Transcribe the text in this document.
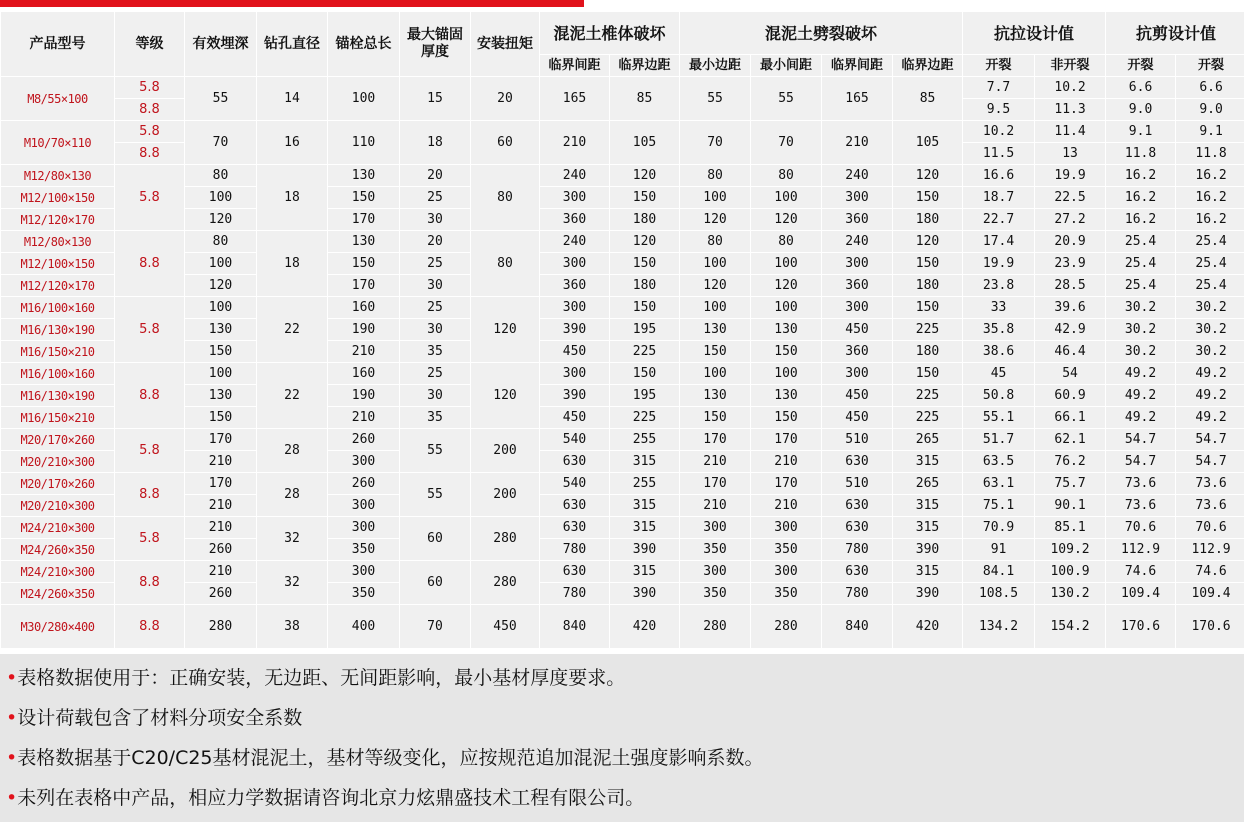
产品型号	等级	有效埋深	钻孔直径	锚栓总长	最大锚固厚度	安装扭矩	混泥土椎体破坏		混泥土劈裂破坏				抗拉设计值		抗剪设计值	
							临界间距	临界边距	最小边距	最小间距	临界间距	临界边距	开裂	非开裂	开裂	开裂
M8/55×100	5.8	55	14	100	15	20	165	85	55	55	165	85	7.7	10.2	6.6	6.6
	8.8												9.5	11.3	9.0	9.0
M10/70×110	5.8	70	16	110	18	60	210	105	70	70	210	105	10.2	11.4	9.1	9.1
	8.8												11.5	13	11.8	11.8
M12/80×130	5.8	80	18	130	20	80	240	120	80	80	240	120	16.6	19.9	16.2	16.2
M12/100×150		100		150	25		300	150	100	100	300	150	18.7	22.5	16.2	16.2
M12/120×170		120		170	30		360	180	120	120	360	180	22.7	27.2	16.2	16.2
M12/80×130	8.8	80	18	130	20	80	240	120	80	80	240	120	17.4	20.9	25.4	25.4
M12/100×150		100		150	25		300	150	100	100	300	150	19.9	23.9	25.4	25.4
M12/120×170		120		170	30		360	180	120	120	360	180	23.8	28.5	25.4	25.4
M16/100×160	5.8	100	22	160	25	120	300	150	100	100	300	150	33	39.6	30.2	30.2
M16/130×190		130		190	30		390	195	130	130	450	225	35.8	42.9	30.2	30.2
M16/150×210		150		210	35		450	225	150	150	360	180	38.6	46.4	30.2	30.2
M16/100×160	8.8	100	22	160	25	120	300	150	100	100	300	150	45	54	49.2	49.2
M16/130×190		130		190	30		390	195	130	130	450	225	50.8	60.9	49.2	49.2
M16/150×210		150		210	35		450	225	150	150	450	225	55.1	66.1	49.2	49.2
M20/170×260	5.8	170	28	260	55	200	540	255	170	170	510	265	51.7	62.1	54.7	54.7
M20/210×300		210		300			630	315	210	210	630	315	63.5	76.2	54.7	54.7
M20/170×260	8.8	170	28	260	55	200	540	255	170	170	510	265	63.1	75.7	73.6	73.6
M20/210×300		210		300			630	315	210	210	630	315	75.1	90.1	73.6	73.6
M24/210×300	5.8	210	32	300	60	280	630	315	300	300	630	315	70.9	85.1	70.6	70.6
M24/260×350		260		350			780	390	350	350	780	390	91	109.2	112.9	112.9
M24/210×300	8.8	210	32	300	60	280	630	315	300	300	630	315	84.1	100.9	74.6	74.6
M24/260×350		260		350			780	390	350	350	780	390	108.5	130.2	109.4	109.4
M30/280×400	8.8	280	38	400	70	450	840	420	280	280	840	420	134.2	154.2	170.6	170.6
•表格数据使用于：正确安装，无边距、无间距影响，最小基材厚度要求。
•设计荷载包含了材料分项安全系数
•表格数据基于C20/C25基材混泥土，基材等级变化，应按规范追加混泥土强度影响系数。
•未列在表格中产品，相应力学数据请咨询北京力炫鼎盛技术工程有限公司。
